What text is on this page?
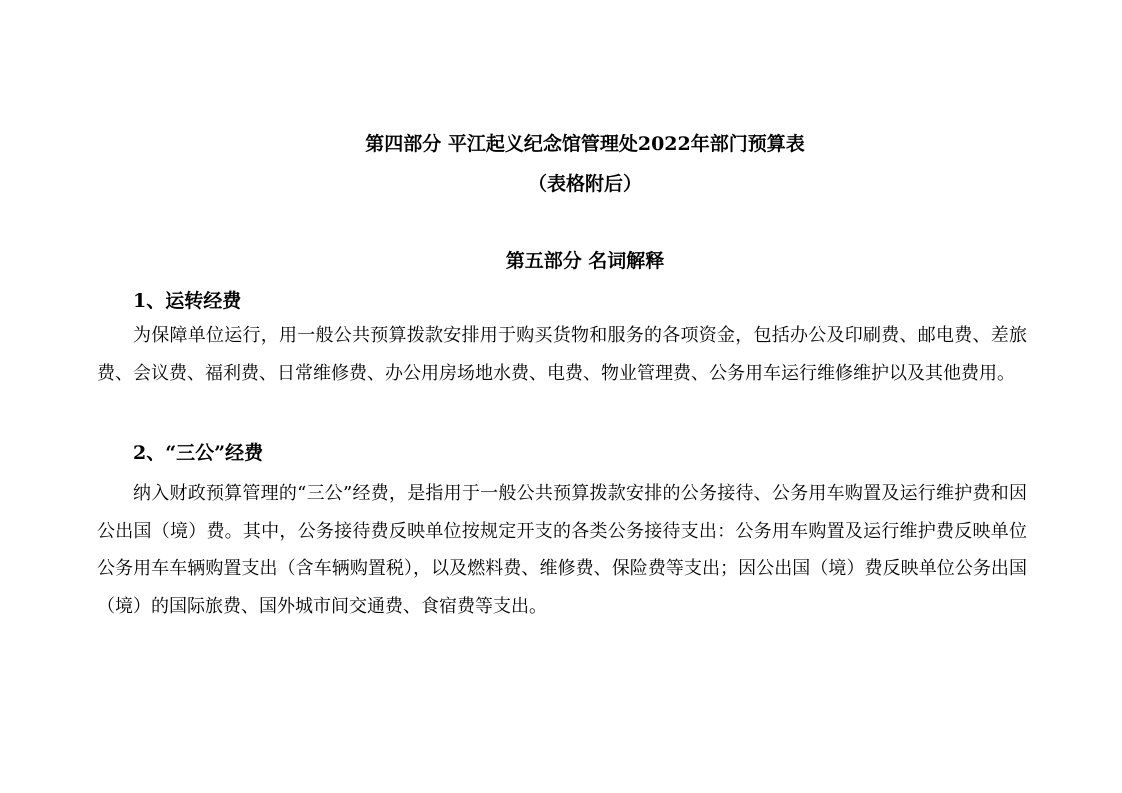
第四部分 平江起义纪念馆管理处2022年部门预算表
（表格附后）
第五部分 名词解释
1、运转经费

为保障单位运行，用一般公共预算拨款安排用于购买货物和服务的各项资金，包括办公及印刷费、邮电费、差旅费、会议费、福利费、日常维修费、办公用房场地水费、电费、物业管理费、公务用车运行维修维护以及其他费用。

2、“三公”经费

纳入财政预算管理的“三公”经费，是指用于一般公共预算拨款安排的公务接待、公务用车购置及运行维护费和因公出国（境）费。其中，公务接待费反映单位按规定开支的各类公务接待支出：公务用车购置及运行维护费反映单位公务用车车辆购置支出（含车辆购置税），以及燃料费、维修费、保险费等支出；因公出国（境）费反映单位公务出国（境）的国际旅费、国外城市间交通费、食宿费等支出。
